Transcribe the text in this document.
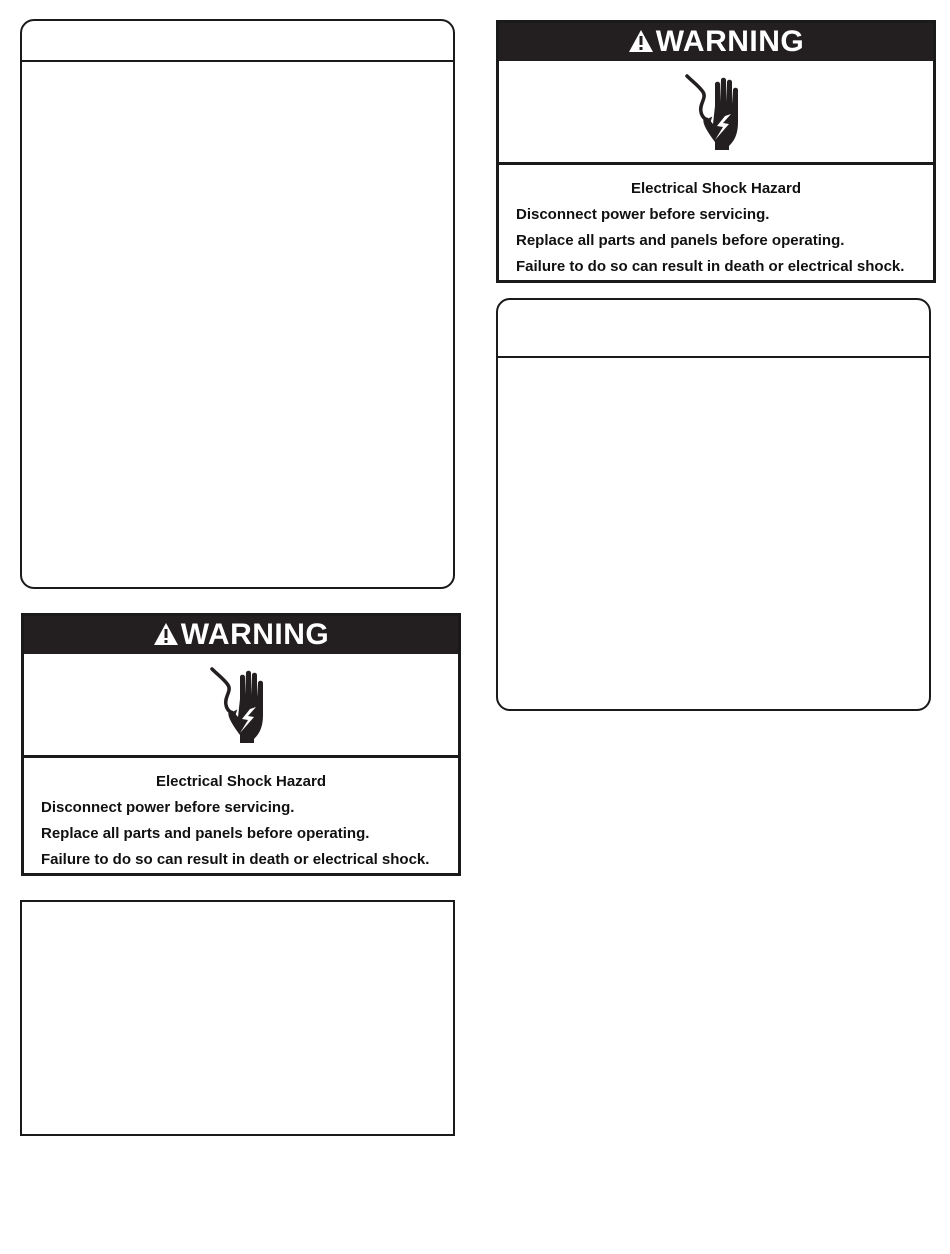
WARNING
Electrical Shock Hazard
Disconnect power before servicing.
Replace all parts and panels before operating.
Failure to do so can result in death or electrical shock.
WARNING
Electrical Shock Hazard
Disconnect power before servicing.
Replace all parts and panels before operating.
Failure to do so can result in death or electrical shock.
